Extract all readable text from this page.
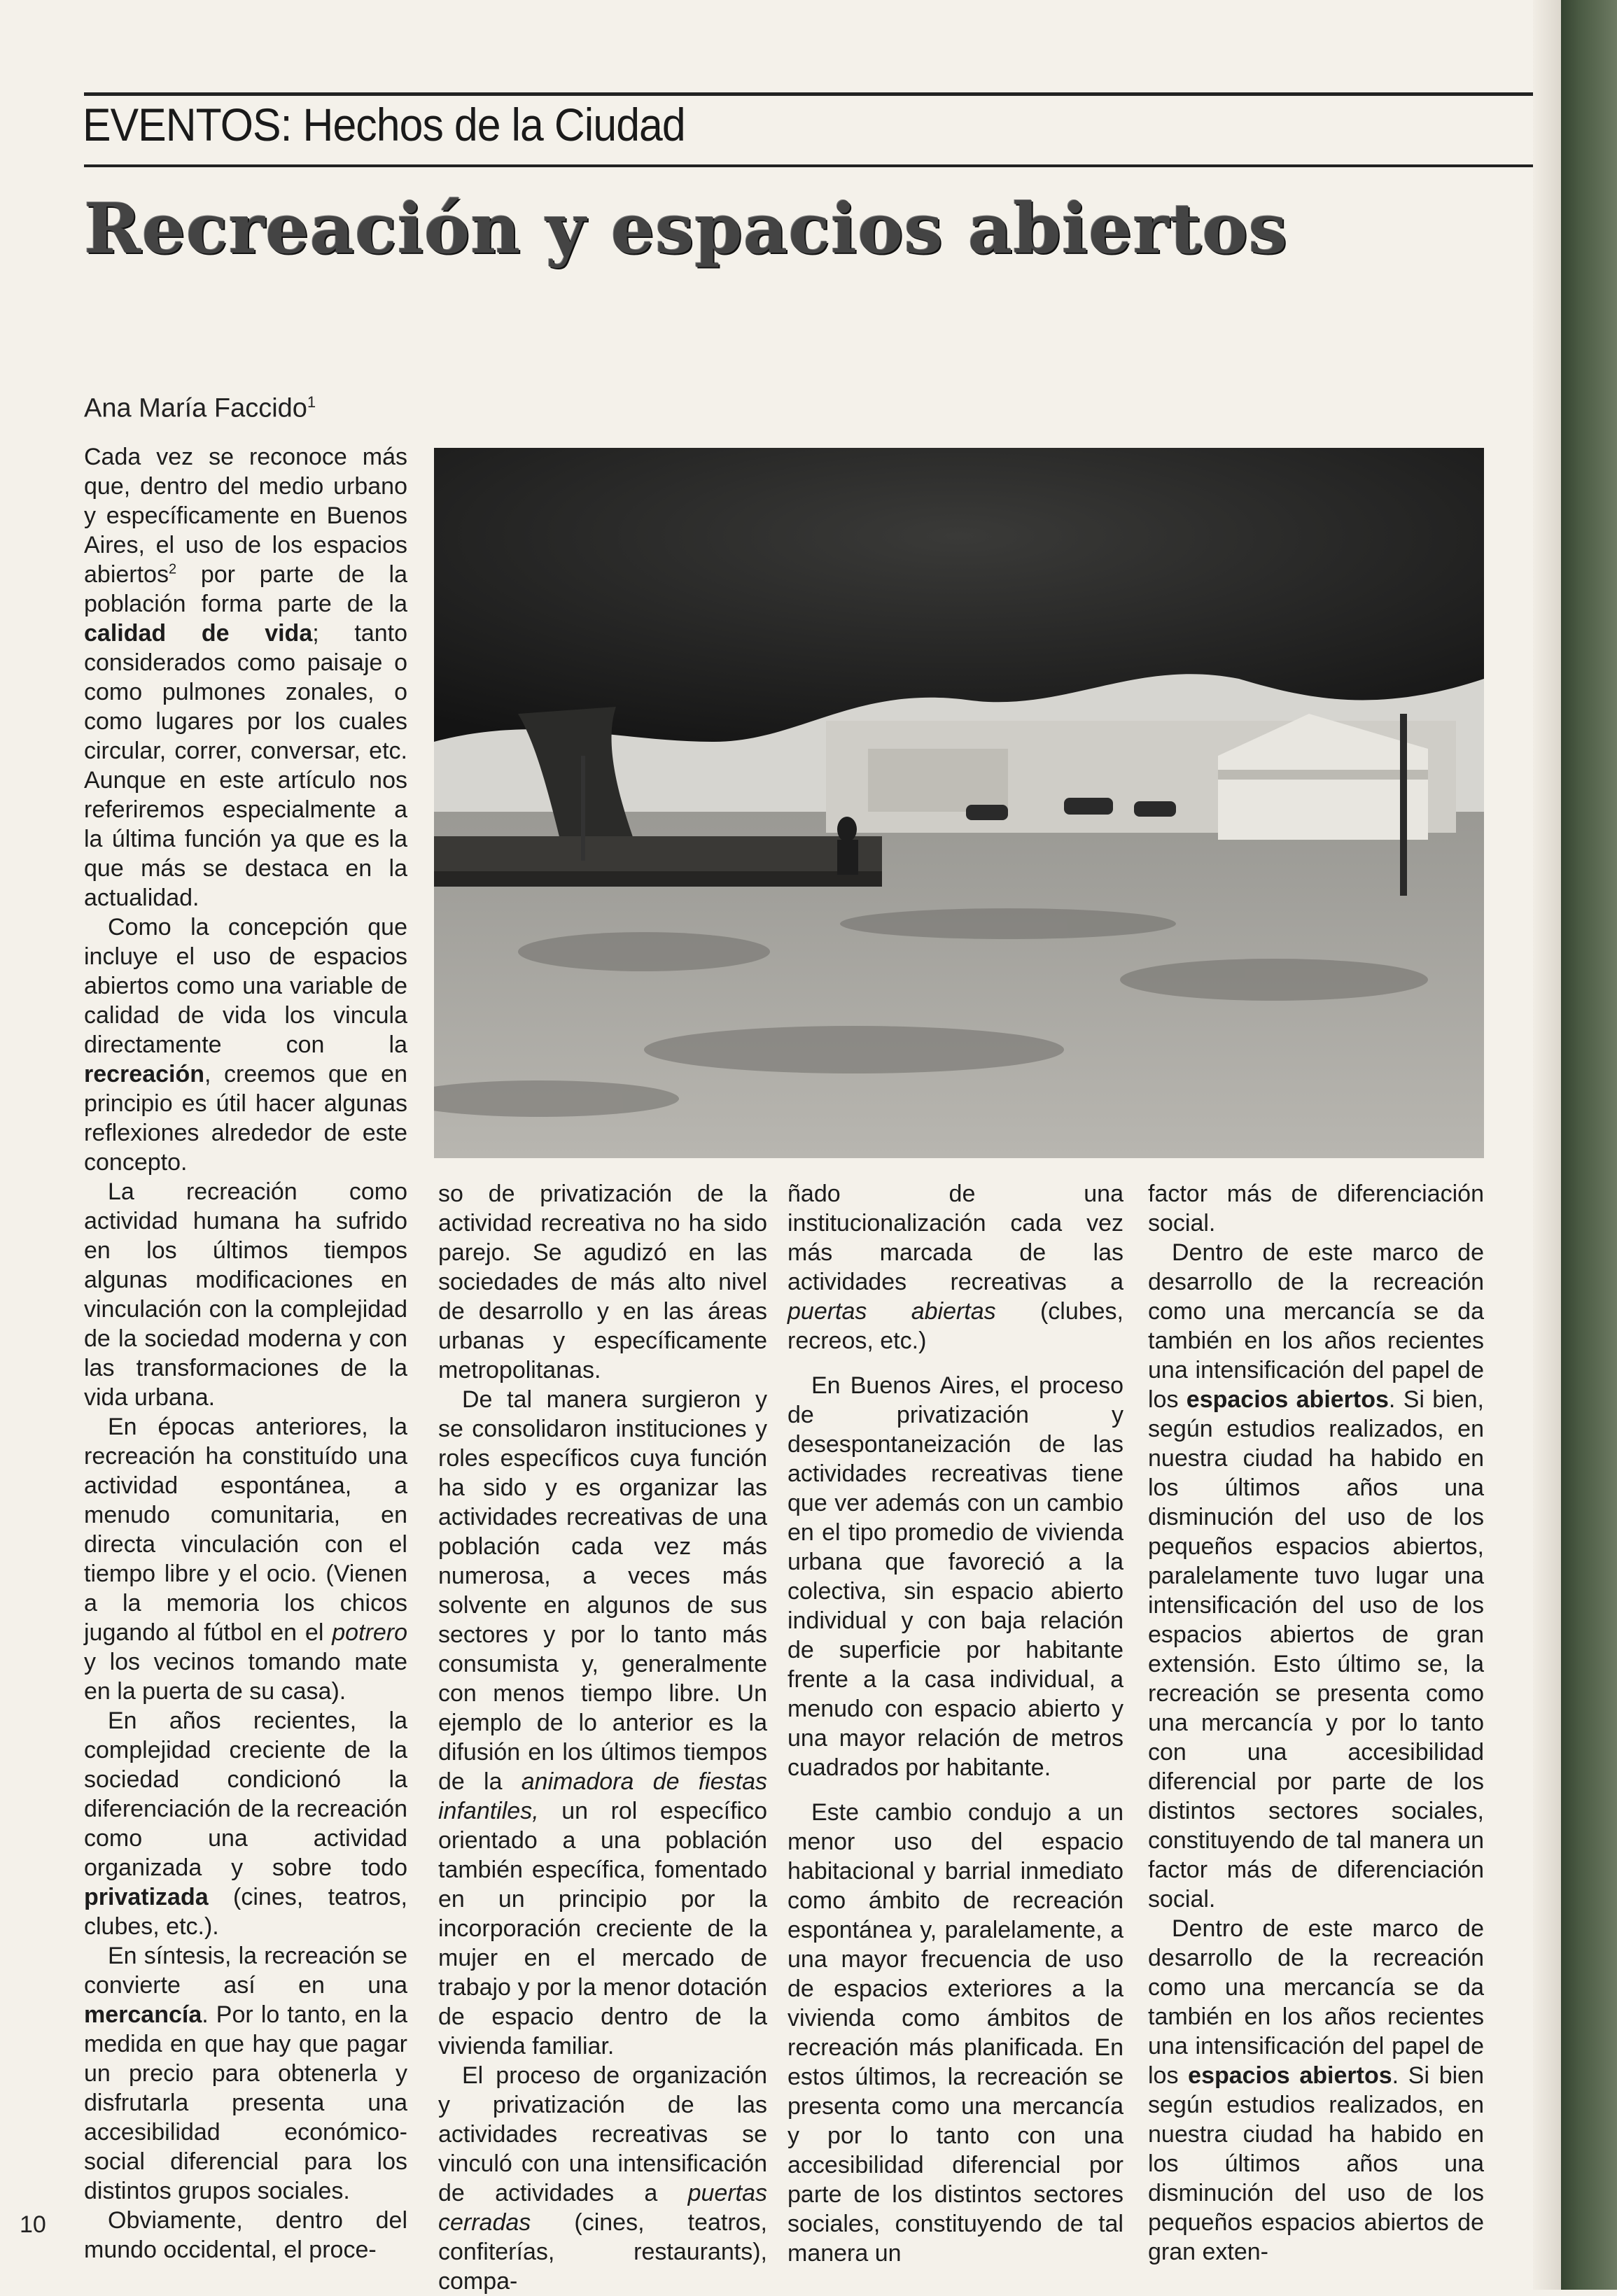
EVENTOS: Hechos de la Ciudad
Recreación y espacios abiertos
Ana María Faccido$^1$

Cada vez se reconoce más que, dentro del medio urbano y específicamente en Buenos Aires, el uso de los espacios abiertos$^2$ por parte de la población forma parte de la calidad de vida; tanto considerados como paisaje o como pulmones zonales, o como lugares por los cuales circular, correr, conversar, etc. Aunque en este artículo nos referiremos especialmente a la última función ya que es la que más se destaca en la actualidad.

Como la concepción que incluye el uso de espacios abiertos como una variable de calidad de vida los vincula directamente con la recreación, creemos que en principio es útil hacer algunas reflexiones alrededor de este concepto.

La recreación como actividad humana ha sufrido en los últimos tiempos algunas modificaciones en vinculación con la complejidad de la sociedad moderna y con las transformaciones de la vida urbana.

En épocas anteriores, la recreación ha constituído una actividad espontánea, a menudo comunitaria, en directa vinculación con el tiempo libre y el ocio. (Vienen a la memoria los chicos jugando al fútbol en el potrero y los vecinos tomando mate en la puerta de su casa).

En años recientes, la complejidad creciente de la sociedad condicionó la diferenciación de la recreación como una actividad organizada y sobre todo privatizada (cines, teatros, clubes, etc.).

En síntesis, la recreación se convierte así en una mercancía. Por lo tanto, en la medida en que hay que pagar un precio para obtenerla y disfrutarla presenta una accesibilidad económico-social diferencial para los distintos grupos sociales.

Obviamente, dentro del mundo occidental, el proce-

so de privatización de la actividad recreativa no ha sido parejo. Se agudizó en las sociedades de más alto nivel de desarrollo y en las áreas urbanas y específicamente metropolitanas.

De tal manera surgieron y se consolidaron instituciones y roles específicos cuya función ha sido y es organizar las actividades recreativas de una población cada vez más numerosa, a veces más solvente en algunos de sus sectores y por lo tanto más consumista y, generalmente con menos tiempo libre. Un ejemplo de lo anterior es la difusión en los últimos tiempos de la animadora de fiestas infantiles, un rol específico orientado a una población también específica, fomentado en un principio por la incorporación creciente de la mujer en el mercado de trabajo y por la menor dotación de espacio dentro de la vivienda familiar.

El proceso de organización y privatización de las actividades recreativas se vinculó con una intensificación de actividades a puertas cerradas (cines, teatros, confiterías, restaurants), compa-

ñado de una institucionalización cada vez más marcada de las actividades recreativas a puertas abiertas (clubes, recreos, etc.)

En Buenos Aires, el proceso de privatización y desespontaneización de las actividades recreativas tiene que ver además con un cambio en el tipo promedio de vivienda urbana que favoreció a la colectiva, sin espacio abierto individual y con baja relación de superficie por habitante frente a la casa individual, a menudo con espacio abierto y una mayor relación de metros cuadrados por habitante.

Este cambio condujo a un menor uso del espacio habitacional y barrial inmediato como ámbito de recreación espontánea y, paralelamente, a una mayor frecuencia de uso de espacios exteriores a la vivienda como ámbitos de recreación más planificada. En estos últimos, la recreación se presenta como una mercancía y por lo tanto con una accesibilidad diferencial por parte de los distintos sectores sociales, constituyendo de tal manera un

factor más de diferenciación social.

Dentro de este marco de desarrollo de la recreación como una mercancía se da también en los años recientes una intensificación del papel de los espacios abiertos. Si bien, según estudios realizados, en nuestra ciudad ha habido en los últimos años una disminución del uso de los pequeños espacios abiertos, paralelamente tuvo lugar una intensificación del uso de los espacios abiertos de gran extensión. Esto último se, la recreación se presenta como una mercancía y por lo tanto con una accesibilidad diferencial por parte de los distintos sectores sociales, constituyendo de tal manera un factor más de diferenciación social.

Dentro de este marco de desarrollo de la recreación como una mercancía se da también en los años recientes una intensificación del papel de los espacios abiertos. Si bien según estudios realizados, en nuestra ciudad ha habido en los últimos años una disminución del uso de los pequeños espacios abiertos de gran exten-

10
